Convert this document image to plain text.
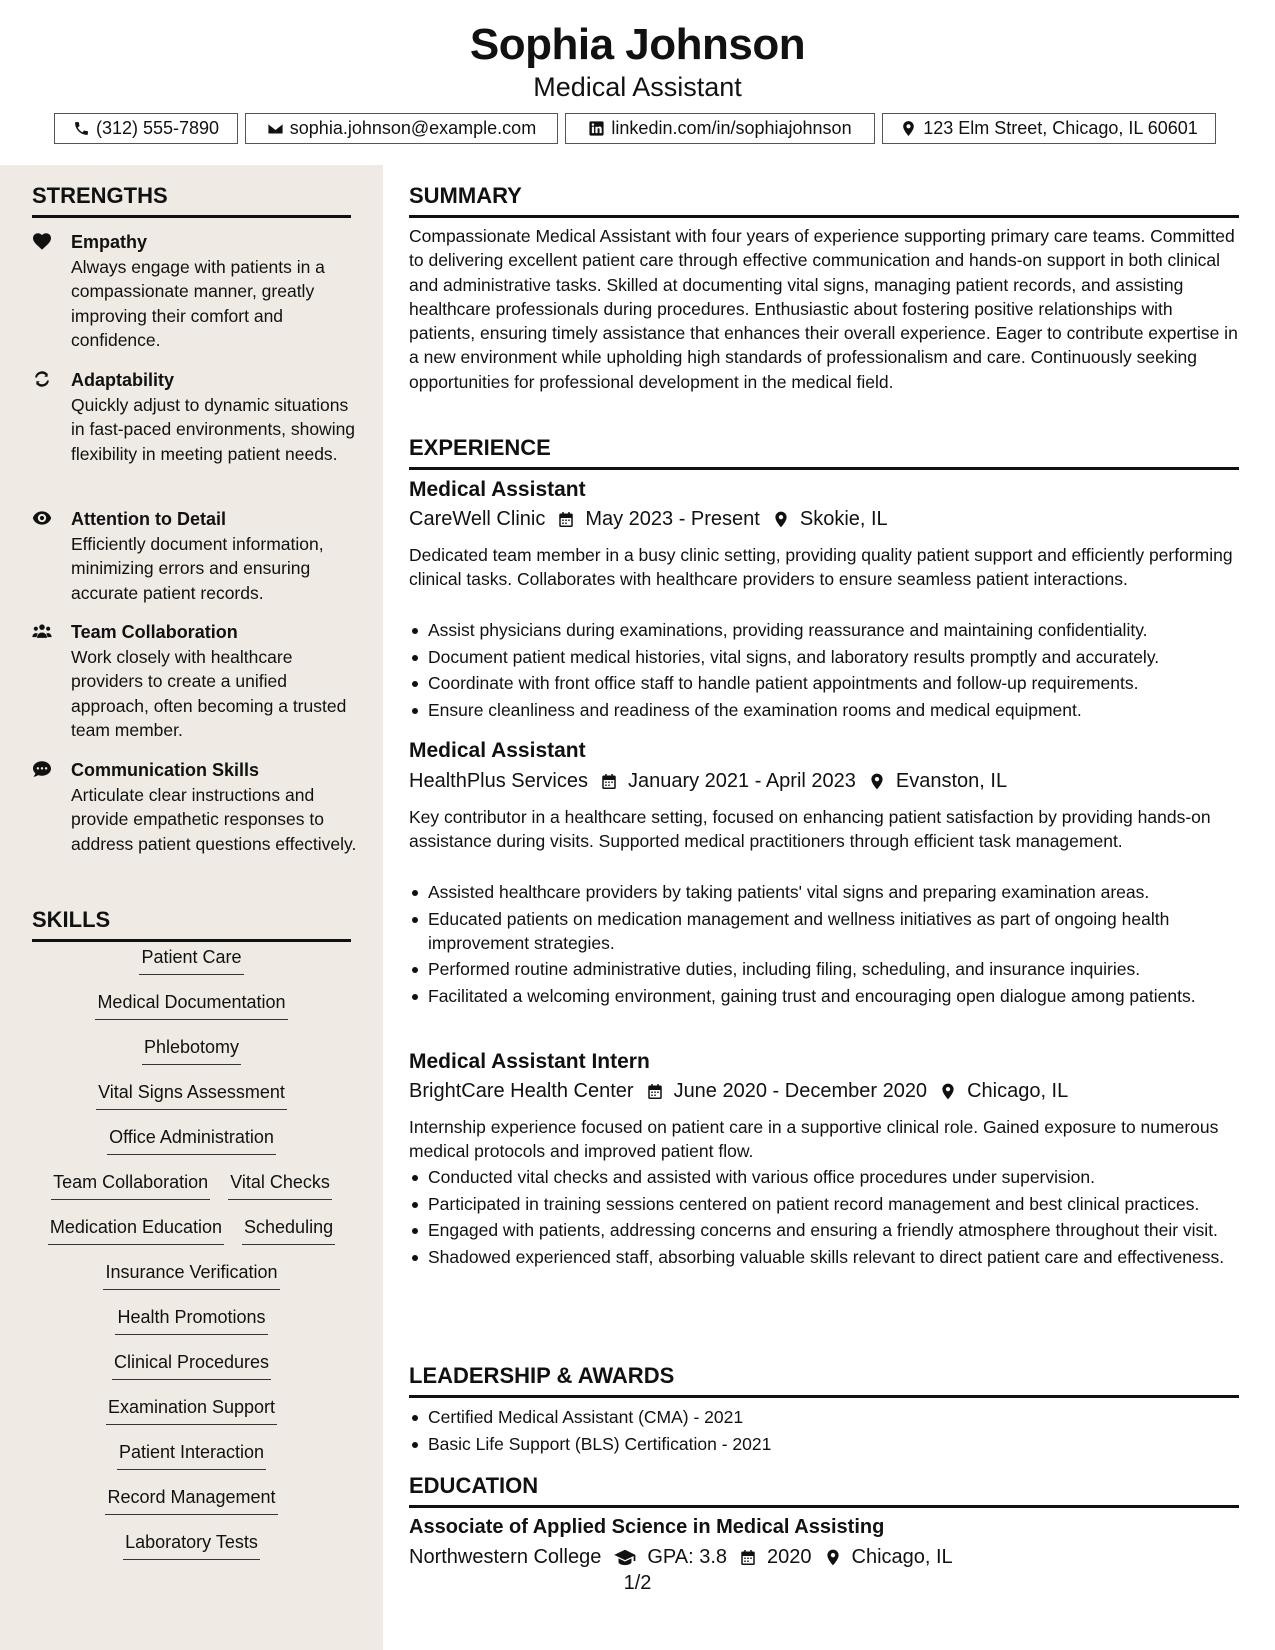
Sophia Johnson
Medical Assistant
(312) 555-7890	sophia.johnson@example.com	linkedin.com/in/sophiajohnson	123 Elm Street, Chicago, IL 60601
STRENGTHS
Empathy
Always engage with patients in a compassionate manner, greatly improving their comfort and confidence.
Adaptability
Quickly adjust to dynamic situations in fast-paced environments, showing flexibility in meeting patient needs.
Attention to Detail
Efficiently document information, minimizing errors and ensuring accurate patient records.
Team Collaboration
Work closely with healthcare providers to create a unified approach, often becoming a trusted team member.
Communication Skills
Articulate clear instructions and provide empathetic responses to address patient questions effectively.
SKILLS
Patient Care
Medical Documentation
Phlebotomy
Vital Signs Assessment
Office Administration
Team Collaboration Vital Checks
Medication Education Scheduling
Insurance Verification
Health Promotions
Clinical Procedures
Examination Support
Patient Interaction
Record Management
Laboratory Tests
SUMMARY
Compassionate Medical Assistant with four years of experience supporting primary care teams. Committed to delivering excellent patient care through effective communication and hands-on support in both clinical and administrative tasks. Skilled at documenting vital signs, managing patient records, and assisting healthcare professionals during procedures. Enthusiastic about fostering positive relationships with patients, ensuring timely assistance that enhances their overall experience. Eager to contribute expertise in a new environment while upholding high standards of professionalism and care. Continuously seeking opportunities for professional development in the medical field.
EXPERIENCE
Medical Assistant
CareWell Clinic May 2023 - Present Skokie, IL
Dedicated team member in a busy clinic setting, providing quality patient support and efficiently performing clinical tasks. Collaborates with healthcare providers to ensure seamless patient interactions.
Assist physicians during examinations, providing reassurance and maintaining confidentiality.
Document patient medical histories, vital signs, and laboratory results promptly and accurately.
Coordinate with front office staff to handle patient appointments and follow-up requirements.
Ensure cleanliness and readiness of the examination rooms and medical equipment.
Medical Assistant
HealthPlus Services January 2021 - April 2023 Evanston, IL
Key contributor in a healthcare setting, focused on enhancing patient satisfaction by providing hands-on assistance during visits. Supported medical practitioners through efficient task management.
Assisted healthcare providers by taking patients' vital signs and preparing examination areas.
Educated patients on medication management and wellness initiatives as part of ongoing health improvement strategies.
Performed routine administrative duties, including filing, scheduling, and insurance inquiries.
Facilitated a welcoming environment, gaining trust and encouraging open dialogue among patients.
Medical Assistant Intern
BrightCare Health Center June 2020 - December 2020 Chicago, IL
Internship experience focused on patient care in a supportive clinical role. Gained exposure to numerous medical protocols and improved patient flow.
Conducted vital checks and assisted with various office procedures under supervision.
Participated in training sessions centered on patient record management and best clinical practices.
Engaged with patients, addressing concerns and ensuring a friendly atmosphere throughout their visit.
Shadowed experienced staff, absorbing valuable skills relevant to direct patient care and effectiveness.
LEADERSHIP & AWARDS
Certified Medical Assistant (CMA) - 2021
Basic Life Support (BLS) Certification - 2021
EDUCATION
Associate of Applied Science in Medical Assisting
Northwestern College GPA: 3.8 2020 Chicago, IL
1/2
